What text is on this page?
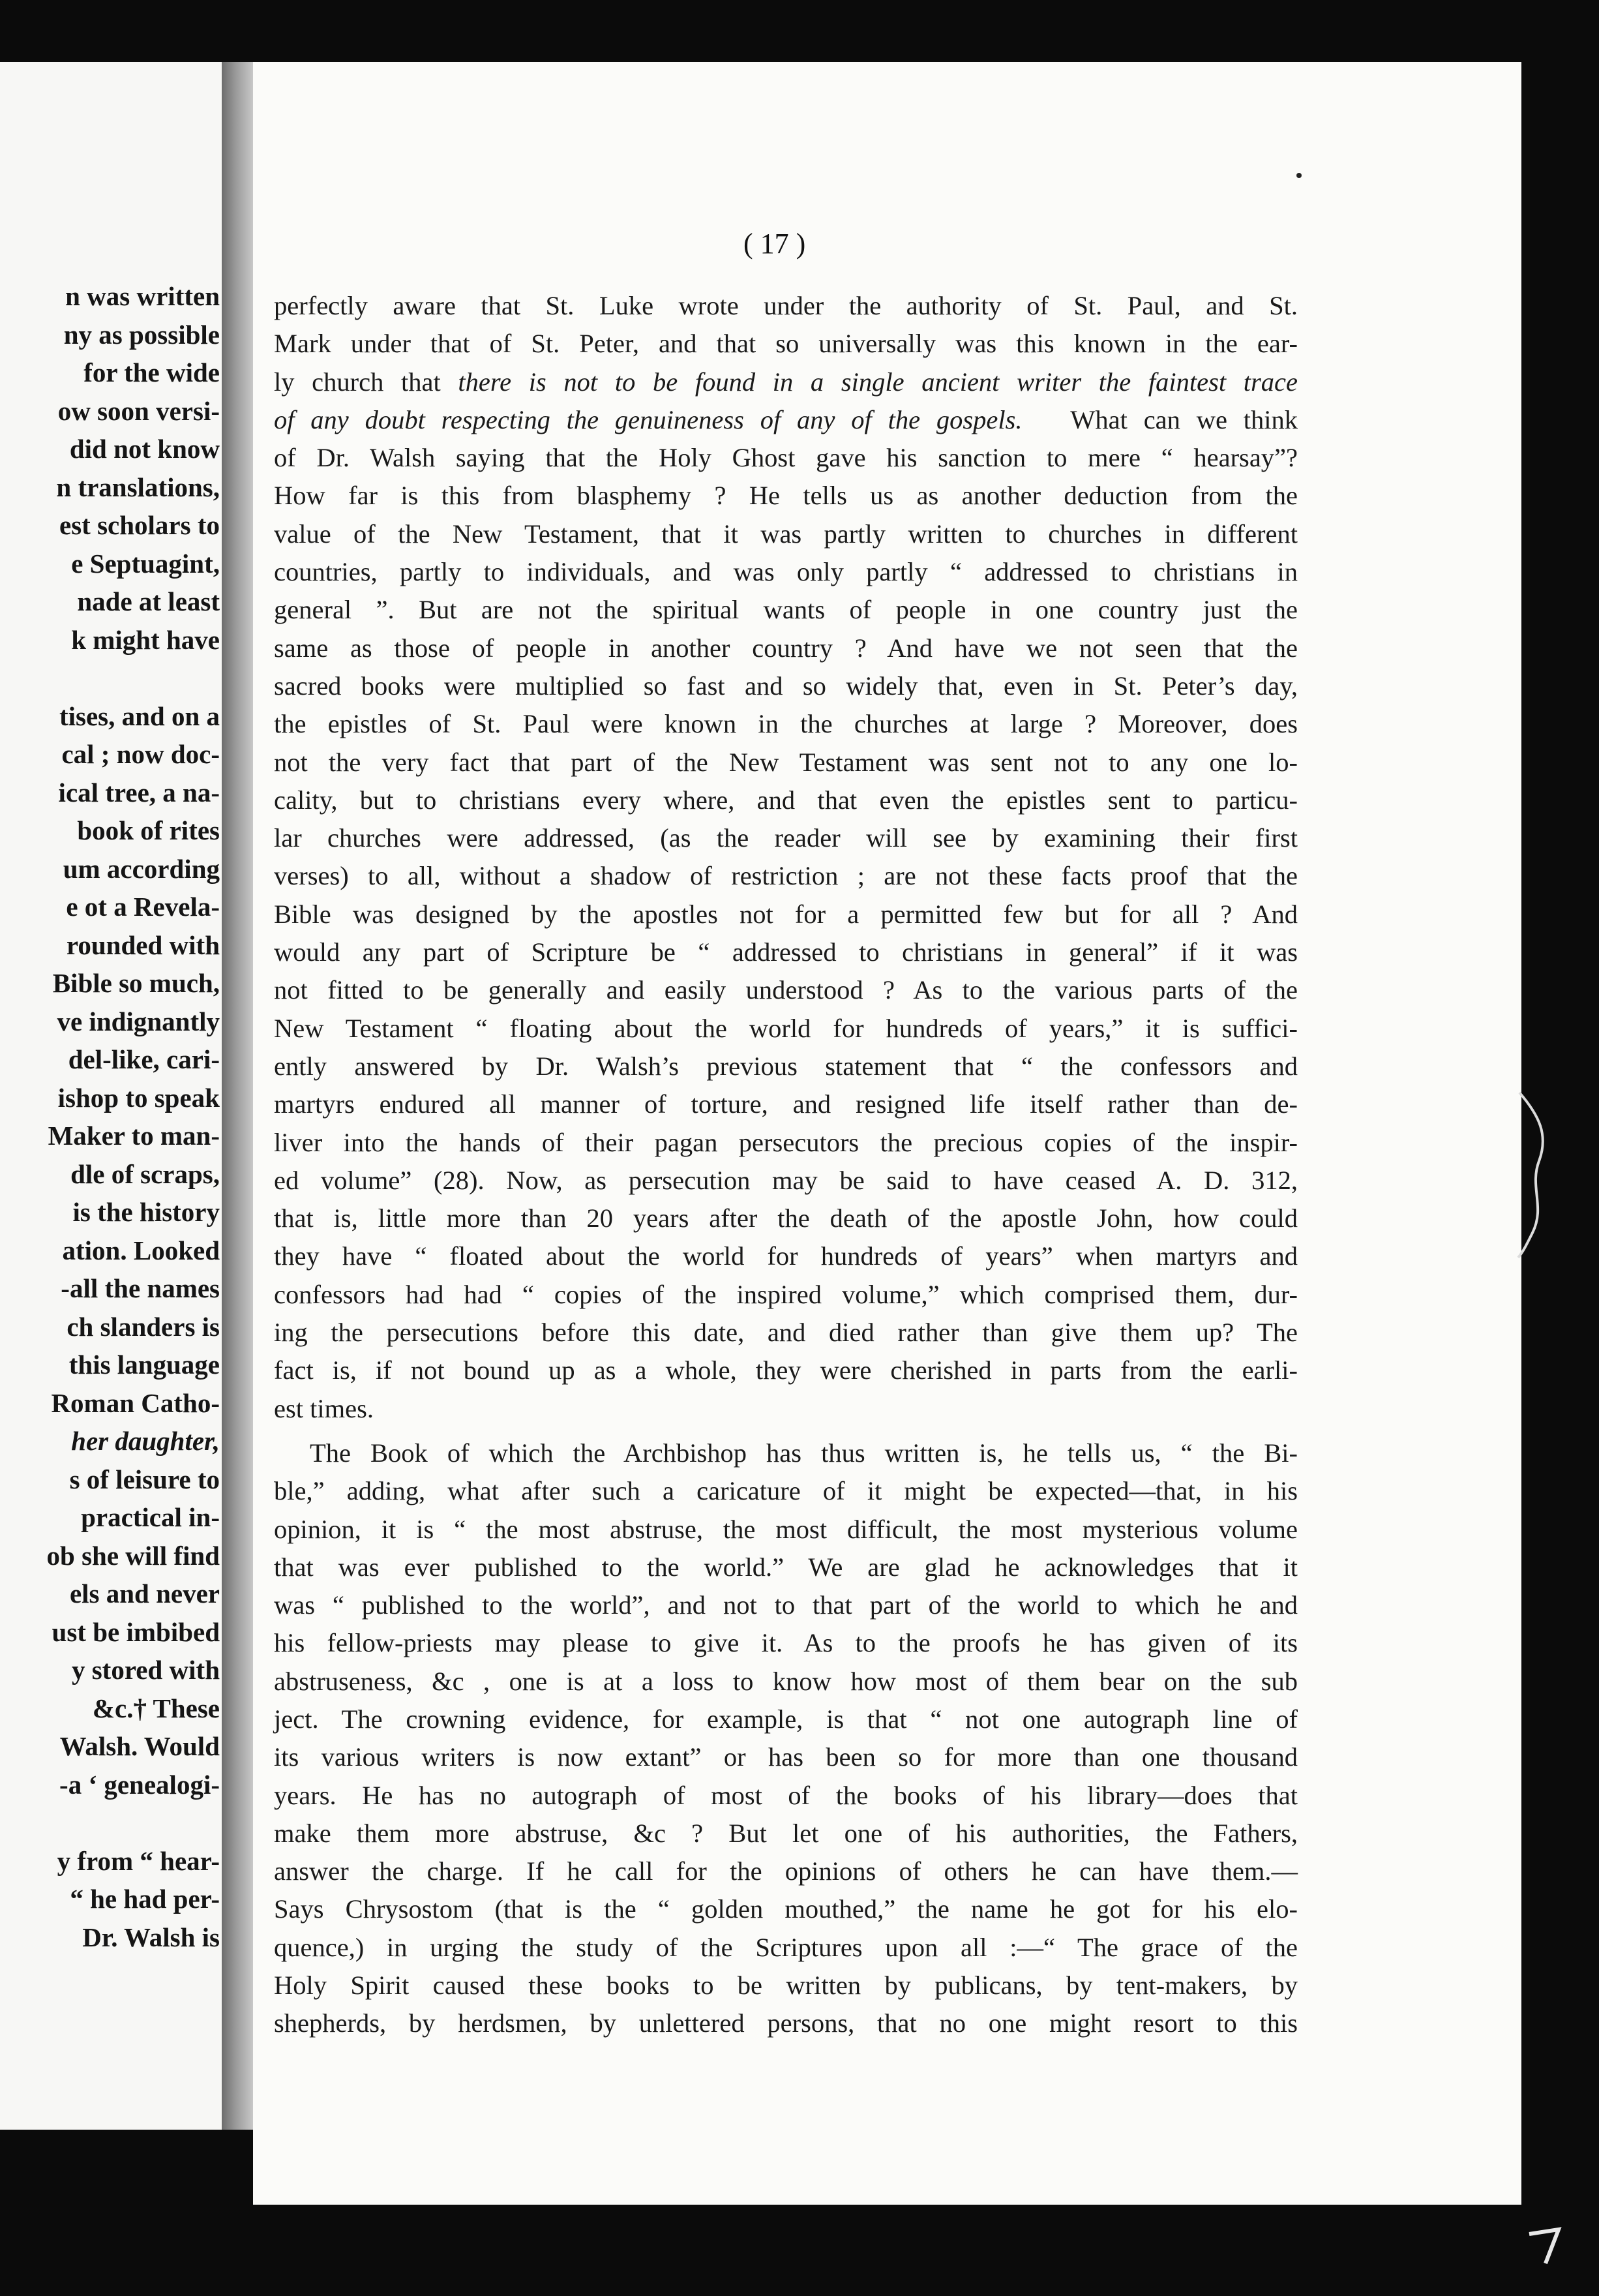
n was written
ny as possible
for the wide
ow soon versi-
did not know
n translations,
est scholars to
e Septuagint,
nade at least
k might have
tises, and on a
cal ; now doc-
ical tree, a na-
book of rites
um according
e ot a Revela-
rounded with
Bible so much,
ve indignantly
del-like, cari-
ishop to speak
Maker to man-
dle of scraps,
is the history
ation. Looked
-all the names
ch slanders is
this language
Roman Catho-
her daughter,
s of leisure to
practical in-
ob she will find
els and never
ust be imbibed
y stored with
&c.† These
Walsh. Would
-a ‘ genealogi-
y from “ hear-
“ he had per-
Dr. Walsh is
( 17 )
perfectly aware that St. Luke wrote under the authority of St. Paul, and St.
Mark under that of St. Peter, and that so universally was this known in the ear-
ly church that there is not to be found in a single ancient writer the faintest trace
of any doubt respecting the genuineness of any of the gospels. What can we think
of Dr. Walsh saying that the Holy Ghost gave his sanction to mere “ hearsay”?
How far is this from blasphemy ? He tells us as another deduction from the
value of the New Testament, that it was partly written to churches in different
countries, partly to individuals, and was only partly “ addressed to christians in
general ”. But are not the spiritual wants of people in one country just the
same as those of people in another country ? And have we not seen that the
sacred books were multiplied so fast and so widely that, even in St. Peter’s day,
the epistles of St. Paul were known in the churches at large ? Moreover, does
not the very fact that part of the New Testament was sent not to any one lo-
cality, but to christians every where, and that even the epistles sent to particu-
lar churches were addressed, (as the reader will see by examining their first
verses) to all, without a shadow of restriction ; are not these facts proof that the
Bible was designed by the apostles not for a permitted few but for all ? And
would any part of Scripture be “ addressed to christians in general” if it was
not fitted to be generally and easily understood ? As to the various parts of the
New Testament “ floating about the world for hundreds of years,” it is suffici-
ently answered by Dr. Walsh’s previous statement that “ the confessors and
martyrs endured all manner of torture, and resigned life itself rather than de-
liver into the hands of their pagan persecutors the precious copies of the inspir-
ed volume” (28). Now, as persecution may be said to have ceased A. D. 312,
that is, little more than 20 years after the death of the apostle John, how could
they have “ floated about the world for hundreds of years” when martyrs and
confessors had had “ copies of the inspired volume,” which comprised them, dur-
ing the persecutions before this date, and died rather than give them up? The
fact is, if not bound up as a whole, they were cherished in parts from the earli-
est times.
The Book of which the Archbishop has thus written is, he tells us, “ the Bi-
ble,” adding, what after such a caricature of it might be expected—that, in his
opinion, it is “ the most abstruse, the most difficult, the most mysterious volume
that was ever published to the world.” We are glad he acknowledges that it
was “ published to the world”, and not to that part of the world to which he and
his fellow-priests may please to give it. As to the proofs he has given of its
abstruseness, &c , one is at a loss to know how most of them bear on the sub
ject. The crowning evidence, for example, is that “ not one autograph line of
its various writers is now extant” or has been so for more than one thousand
years. He has no autograph of most of the books of his library—does that
make them more abstruse, &c ? But let one of his authorities, the Fathers,
answer the charge. If he call for the opinions of others he can have them.—
Says Chrysostom (that is the “ golden mouthed,” the name he got for his elo-
quence,) in urging the study of the Scriptures upon all :—“ The grace of the
Holy Spirit caused these books to be written by publicans, by tent-makers, by
shepherds, by herdsmen, by unlettered persons, that no one might resort to this
